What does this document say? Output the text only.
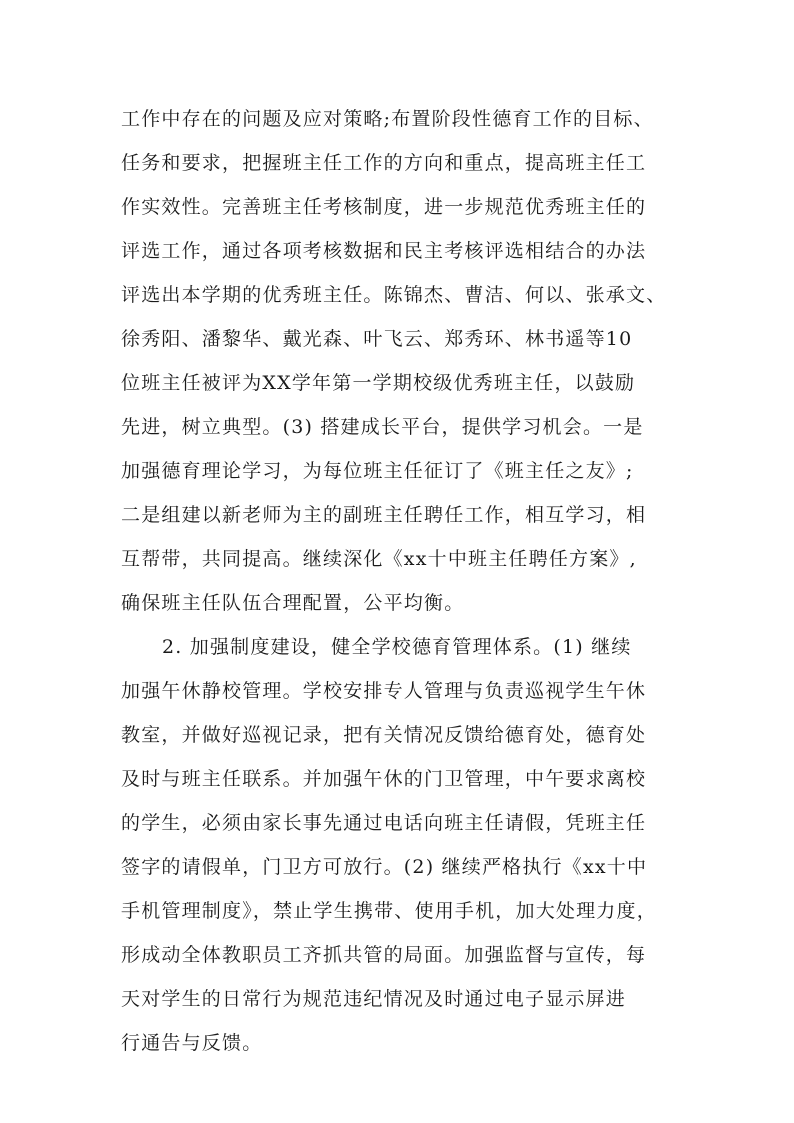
工作中存在的问题及应对策略;布置阶段性德育工作的目标、
任务和要求，把握班主任工作的方向和重点，提高班主任工
作实效性。完善班主任考核制度，进一步规范优秀班主任的
评选工作，通过各项考核数据和民主考核评选相结合的办法
评选出本学期的优秀班主任。陈锦杰、曹洁、何以、张承文、
徐秀阳、潘黎华、戴光森、叶飞云、郑秀环、林书遥等10
位班主任被评为XX学年第一学期校级优秀班主任，以鼓励
先进，树立典型。(3) 搭建成长平台，提供学习机会。一是
加强德育理论学习，为每位班主任征订了《班主任之友》;
二是组建以新老师为主的副班主任聘任工作，相互学习，相
互帮带，共同提高。继续深化《xx十中班主任聘任方案》,
确保班主任队伍合理配置，公平均衡。
2. 加强制度建设，健全学校德育管理体系。(1) 继续
加强午休静校管理。学校安排专人管理与负责巡视学生午休
教室，并做好巡视记录，把有关情况反馈给德育处，德育处
及时与班主任联系。并加强午休的门卫管理，中午要求离校
的学生，必须由家长事先通过电话向班主任请假，凭班主任
签字的请假单，门卫方可放行。(2) 继续严格执行《xx十中
手机管理制度》，禁止学生携带、使用手机，加大处理力度，
形成动全体教职员工齐抓共管的局面。加强监督与宣传，每
天对学生的日常行为规范违纪情况及时通过电子显示屏进
行通告与反馈。
